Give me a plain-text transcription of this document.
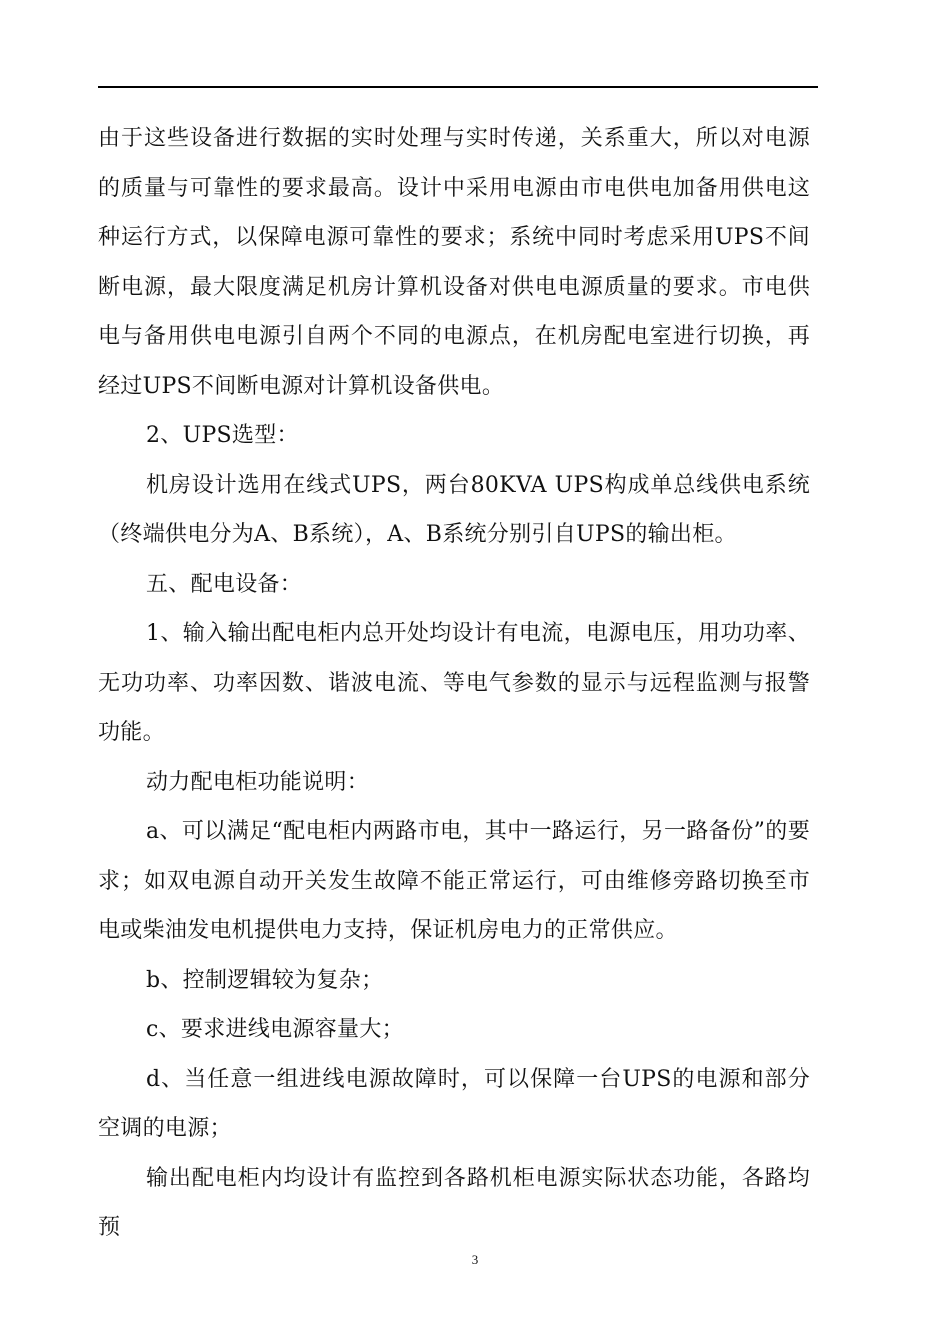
由于这些设备进行数据的实时处理与实时传递，关系重大，所以对电源的质量与可靠性的要求最高。设计中采用电源由市电供电加备用供电这种运行方式，以保障电源可靠性的要求；系统中同时考虑采用UPS不间断电源，最大限度满足机房计算机设备对供电电源质量的要求。市电供电与备用供电电源引自两个不同的电源点，在机房配电室进行切换，再经过UPS不间断电源对计算机设备供电。

2、UPS选型：

机房设计选用在线式UPS，两台80KVA UPS构成单总线供电系统（终端供电分为A、B系统），A、B系统分别引自UPS的输出柜。

五、配电设备：

1、输入输出配电柜内总开处均设计有电流，电源电压，用功功率、无功功率、功率因数、谐波电流、等电气参数的显示与远程监测与报警功能。

动力配电柜功能说明：

a、可以满足“配电柜内两路市电，其中一路运行，另一路备份”的要求；如双电源自动开关发生故障不能正常运行，可由维修旁路切换至市电或柴油发电机提供电力支持，保证机房电力的正常供应。

b、控制逻辑较为复杂；

c、要求进线电源容量大；

d、当任意一组进线电源故障时，可以保障一台UPS的电源和部分空调的电源；

输出配电柜内均设计有监控到各路机柜电源实际状态功能，各路均预

3
